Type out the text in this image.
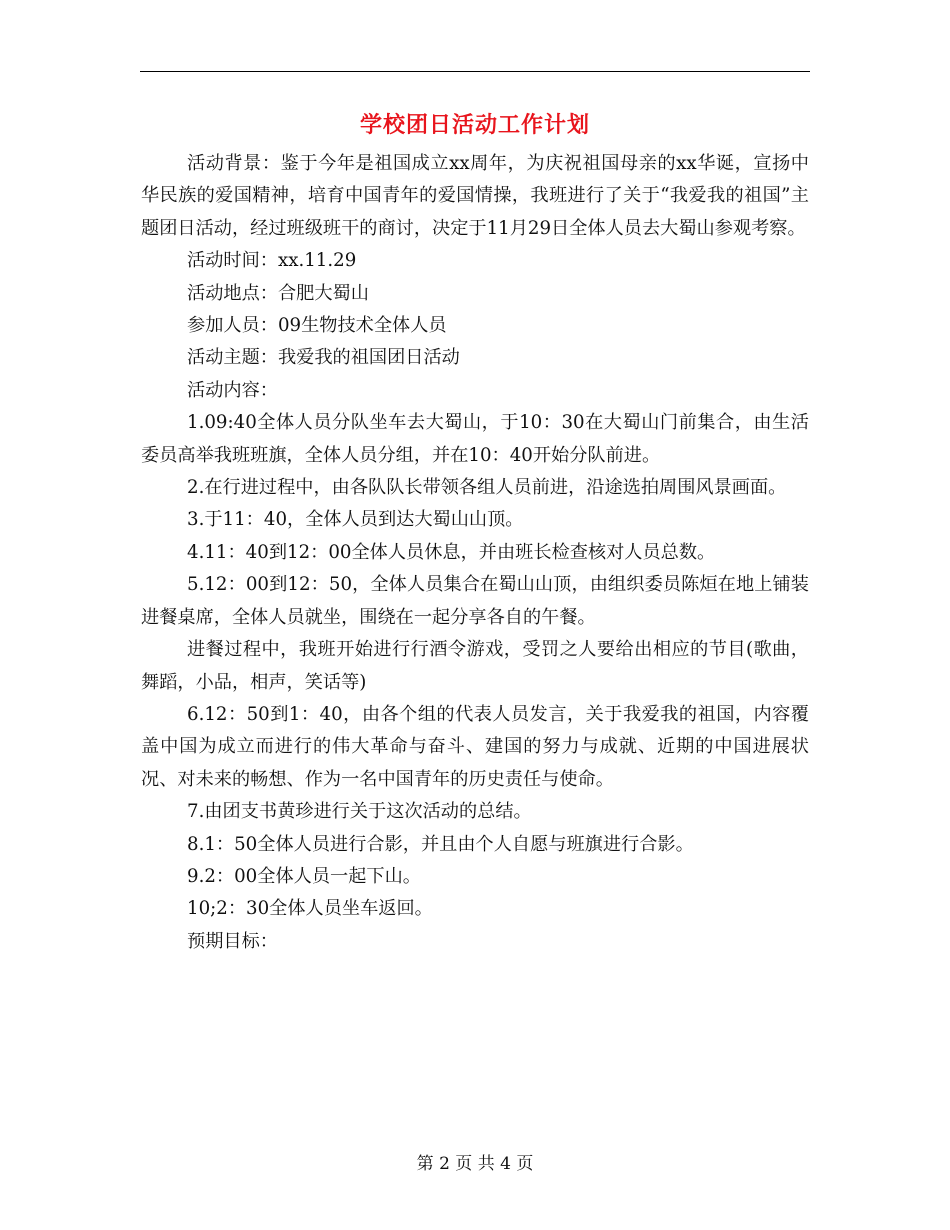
学校团日活动工作计划

活动背景：鉴于今年是祖国成立xx周年，为庆祝祖国母亲的xx华诞，宣扬中华民族的爱国精神，培育中国青年的爱国情操，我班进行了关于“我爱我的祖国”主题团日活动，经过班级班干的商讨，决定于11月29日全体人员去大蜀山参观考察。

活动时间：xx.11.29

活动地点：合肥大蜀山

参加人员：09生物技术全体人员

活动主题：我爱我的祖国团日活动

活动内容：

1.09:40全体人员分队坐车去大蜀山，于10：30在大蜀山门前集合，由生活委员高举我班班旗，全体人员分组，并在10：40开始分队前进。

2.在行进过程中，由各队队长带领各组人员前进，沿途选拍周围风景画面。

3.于11：40，全体人员到达大蜀山山顶。

4.11：40到12：00全体人员休息，并由班长检查核对人员总数。

5.12：00到12：50，全体人员集合在蜀山山顶，由组织委员陈烜在地上铺装进餐桌席，全体人员就坐，围绕在一起分享各自的午餐。

进餐过程中，我班开始进行行酒令游戏，受罚之人要给出相应的节目(歌曲，舞蹈，小品，相声，笑话等)

6.12：50到1：40，由各个组的代表人员发言，关于我爱我的祖国，内容覆盖中国为成立而进行的伟大革命与奋斗、建国的努力与成就、近期的中国进展状况、对未来的畅想、作为一名中国青年的历史责任与使命。

7.由团支书黄珍进行关于这次活动的总结。

8.1：50全体人员进行合影，并且由个人自愿与班旗进行合影。

9.2：00全体人员一起下山。

10;2：30全体人员坐车返回。

预期目标：

第 2 页 共 4 页
